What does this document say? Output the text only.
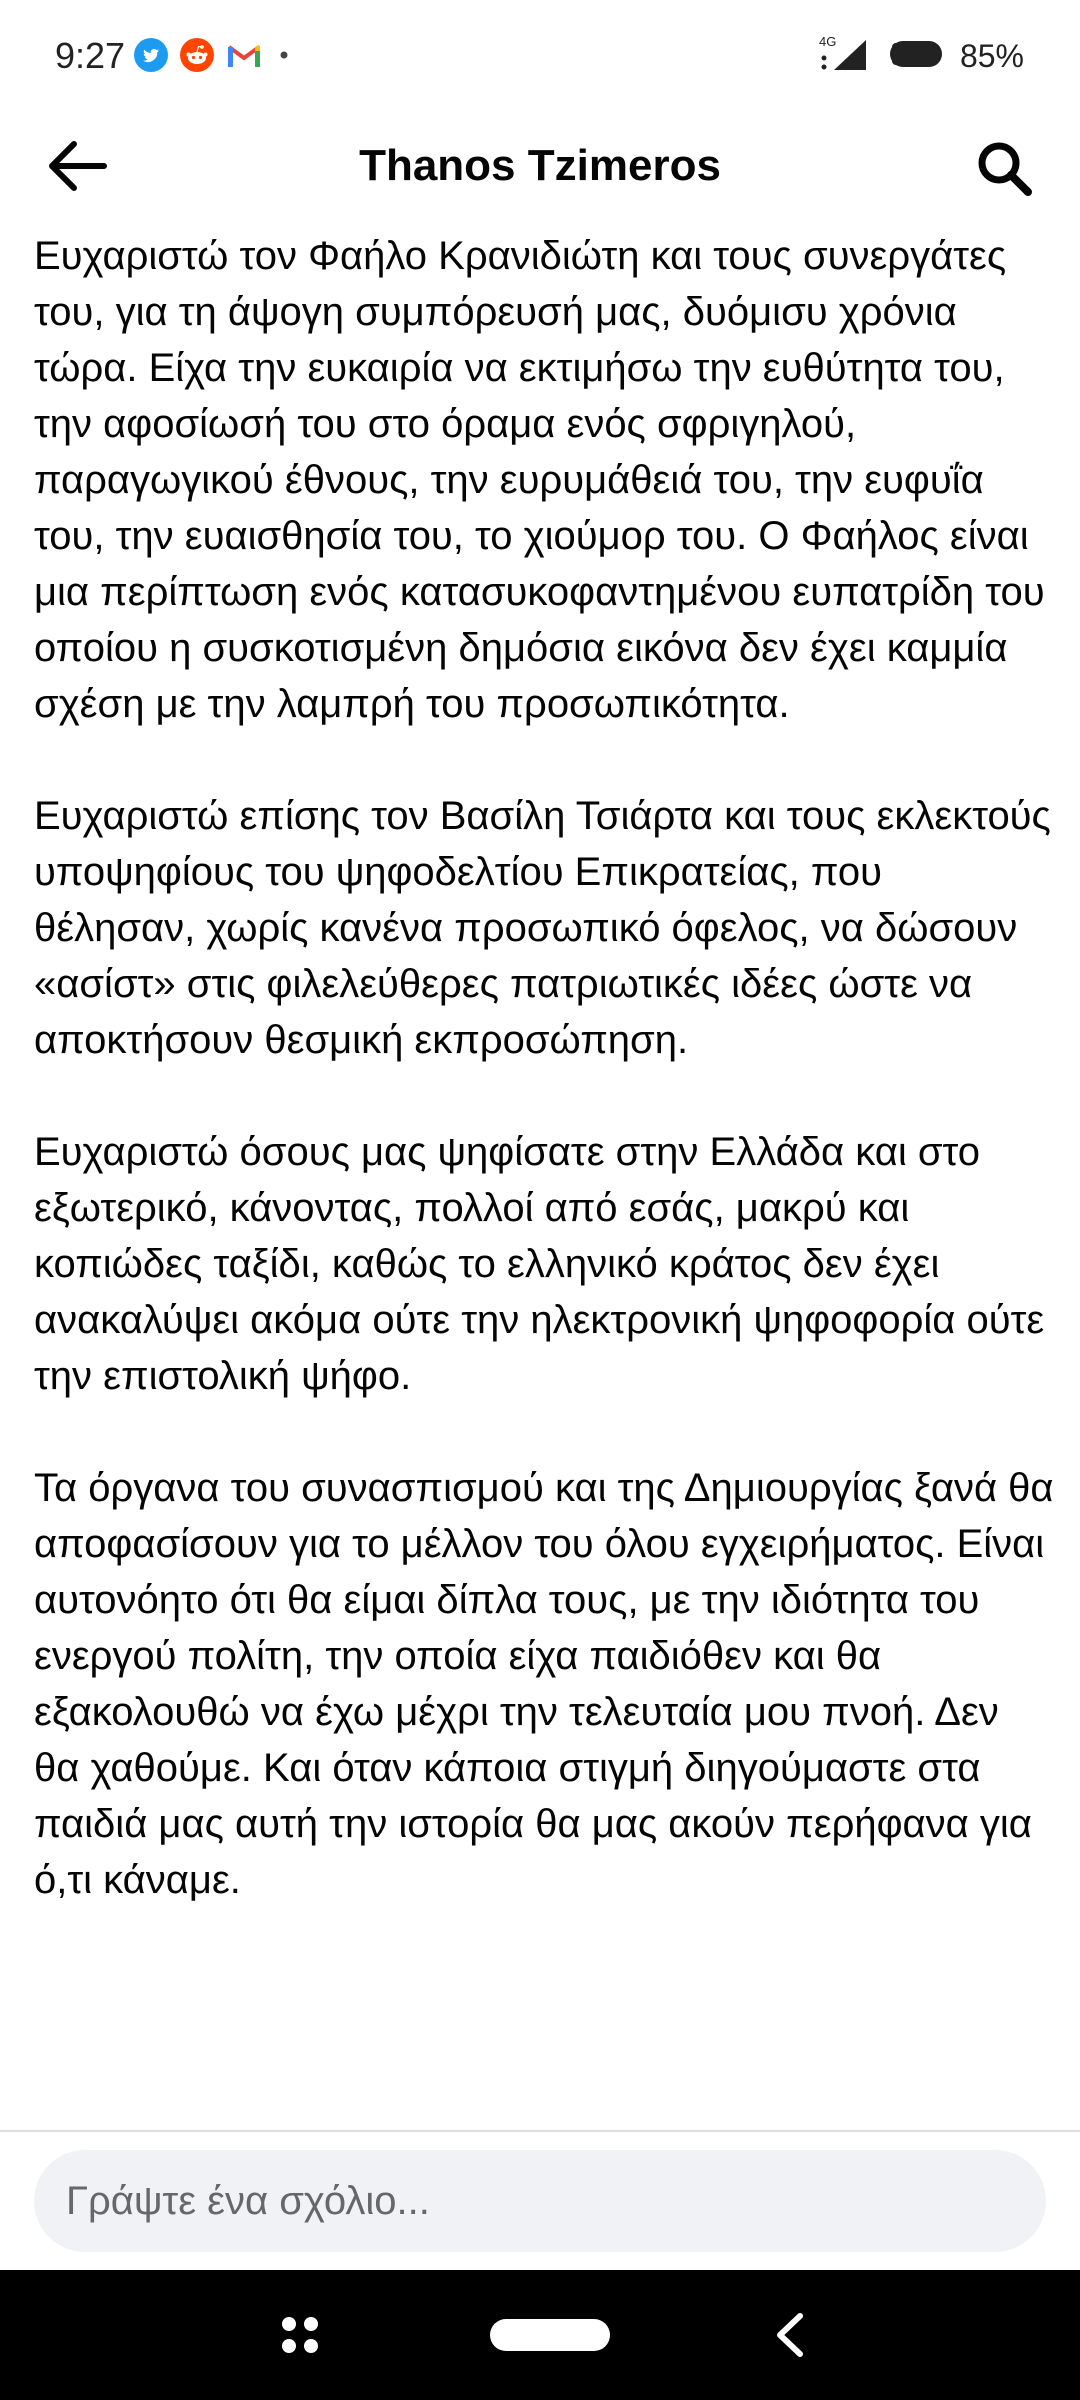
9:27	4G	85%
Thanos Tzimeros

Ευχαριστώ τον Φαήλο Κρανιδιώτη και τους συνεργάτες του, για τη άψογη συμπόρευσή μας, δυόμισυ χρόνια τώρα. Είχα την ευκαιρία να εκτιμήσω την ευθύτητα του, την αφοσίωσή του στο όραμα ενός σφριγηλού, παραγωγικού έθνους, την ευρυμάθειά του, την ευφυΐα του, την ευαισθησία του, το χιούμορ του. Ο Φαήλος είναι μια περίπτωση ενός κατασυκοφαντημένου ευπατρίδη του οποίου η συσκοτισμένη δημόσια εικόνα δεν έχει καμμία σχέση με την λαμπρή του προσωπικότητα.

Ευχαριστώ επίσης τον Βασίλη Τσιάρτα και τους εκλεκτούς υποψηφίους του ψηφοδελτίου Επικρατείας, που θέλησαν, χωρίς κανένα προσωπικό όφελος, να δώσουν «ασίστ» στις φιλελεύθερες πατριωτικές ιδέες ώστε να αποκτήσουν θεσμική εκπροσώπηση.

Ευχαριστώ όσους μας ψηφίσατε στην Ελλάδα και στο εξωτερικό, κάνοντας, πολλοί από εσάς, μακρύ και κοπιώδες ταξίδι, καθώς το ελληνικό κράτος δεν έχει ανακαλύψει ακόμα ούτε την ηλεκτρονική ψηφοφορία ούτε την επιστολική ψήφο.

Τα όργανα του συνασπισμού και της Δημιουργίας ξανά θα αποφασίσουν για το μέλλον του όλου εγχειρήματος. Είναι αυτονόητο ότι θα είμαι δίπλα τους, με την ιδιότητα του ενεργού πολίτη, την οποία είχα παιδιόθεν και θα εξακολουθώ να έχω μέχρι την τελευταία μου πνοή. Δεν θα χαθούμε. Και όταν κάποια στιγμή διηγούμαστε στα παιδιά μας αυτή την ιστορία θα μας ακούν περήφανα για ό,τι κάναμε.

Γράψτε ένα σχόλιο...
